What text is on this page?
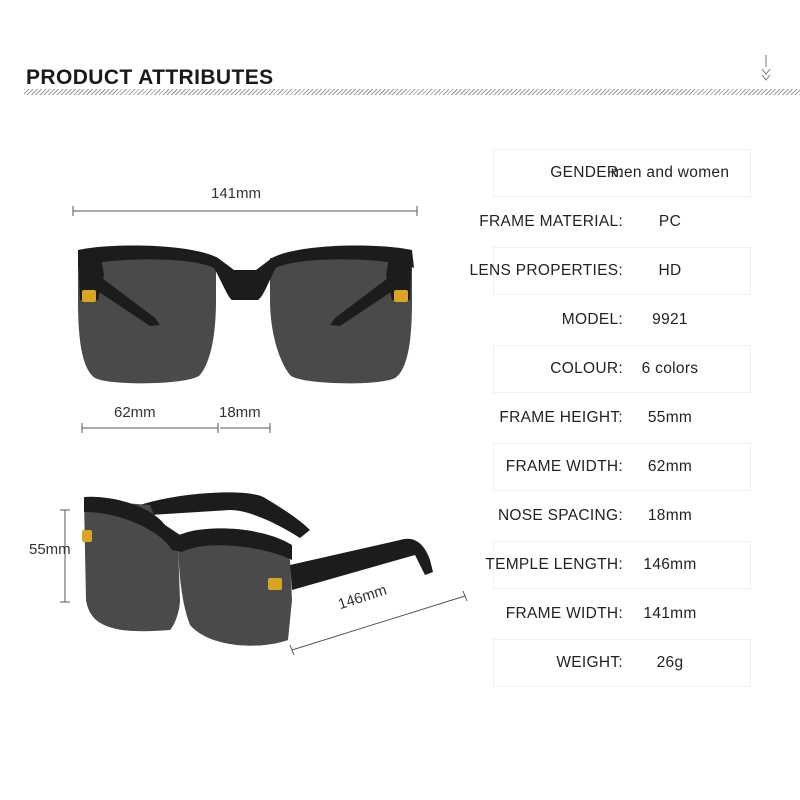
PRODUCT ATTRIBUTES
141mm
62mm	18mm
55mm
146mm
GENDER:
men and women
FRAME MATERIAL: PC
LENS PROPERTIES: HD
MODEL: 9921
COLOUR: 6 colors
FRAME HEIGHT: 55mm
FRAME WIDTH: 62mm
NOSE SPACING: 18mm
TEMPLE LENGTH: 146mm
FRAME WIDTH: 141mm
WEIGHT: 26g
